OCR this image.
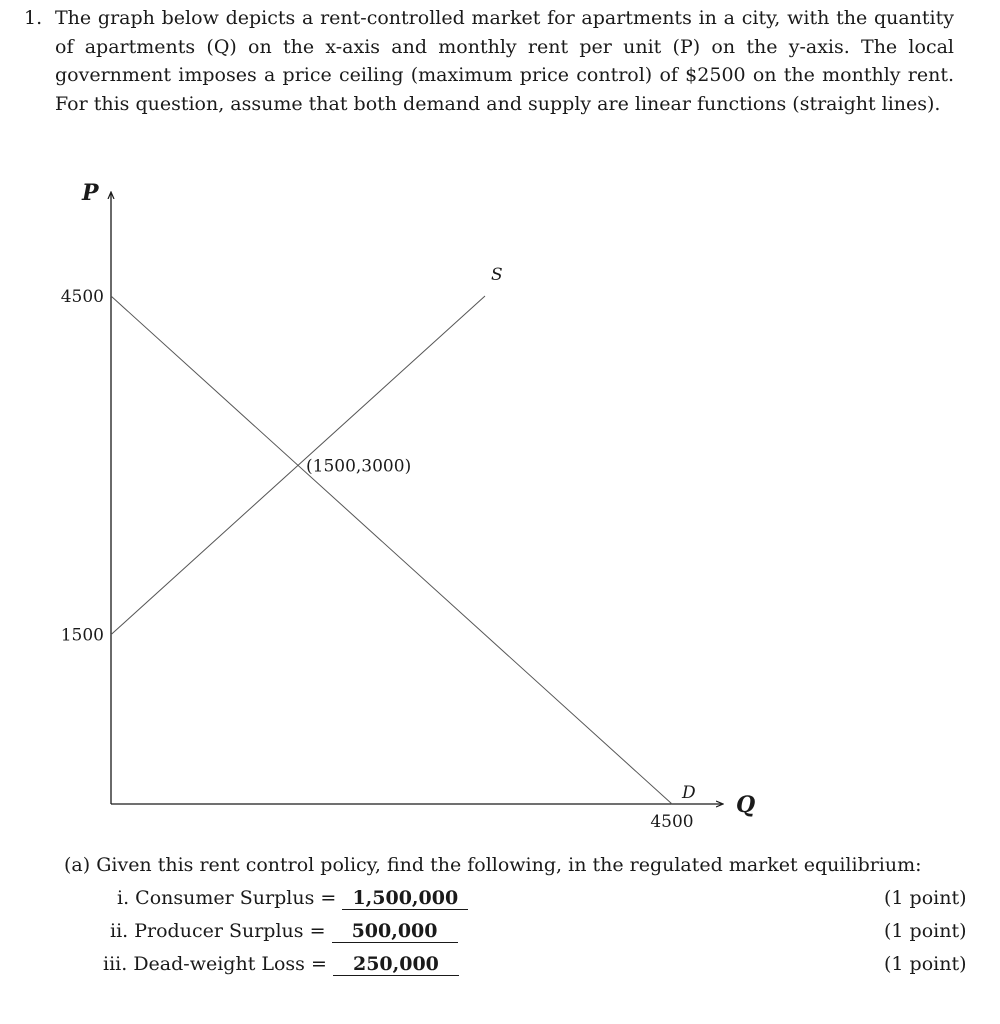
1. The graph below depicts a rent-controlled market for apartments in a city, with the quantity of apartments (Q) on the x-axis and monthly rent per unit (P) on the y-axis. The local government imposes a price ceiling (maximum price control) of $2500 on the monthly rent. For this question, assume that both demand and supply are linear functions (straight lines).
P
Q
D
S
4500
1500
4500
(1500,3000)
(a) Given this rent control policy, find the following, in the regulated market equilibrium:
i. Consumer Surplus = 1,500,000	(1 point)
ii. Producer Surplus = 500,000	(1 point)
iii. Dead-weight Loss = 250,000	(1 point)
